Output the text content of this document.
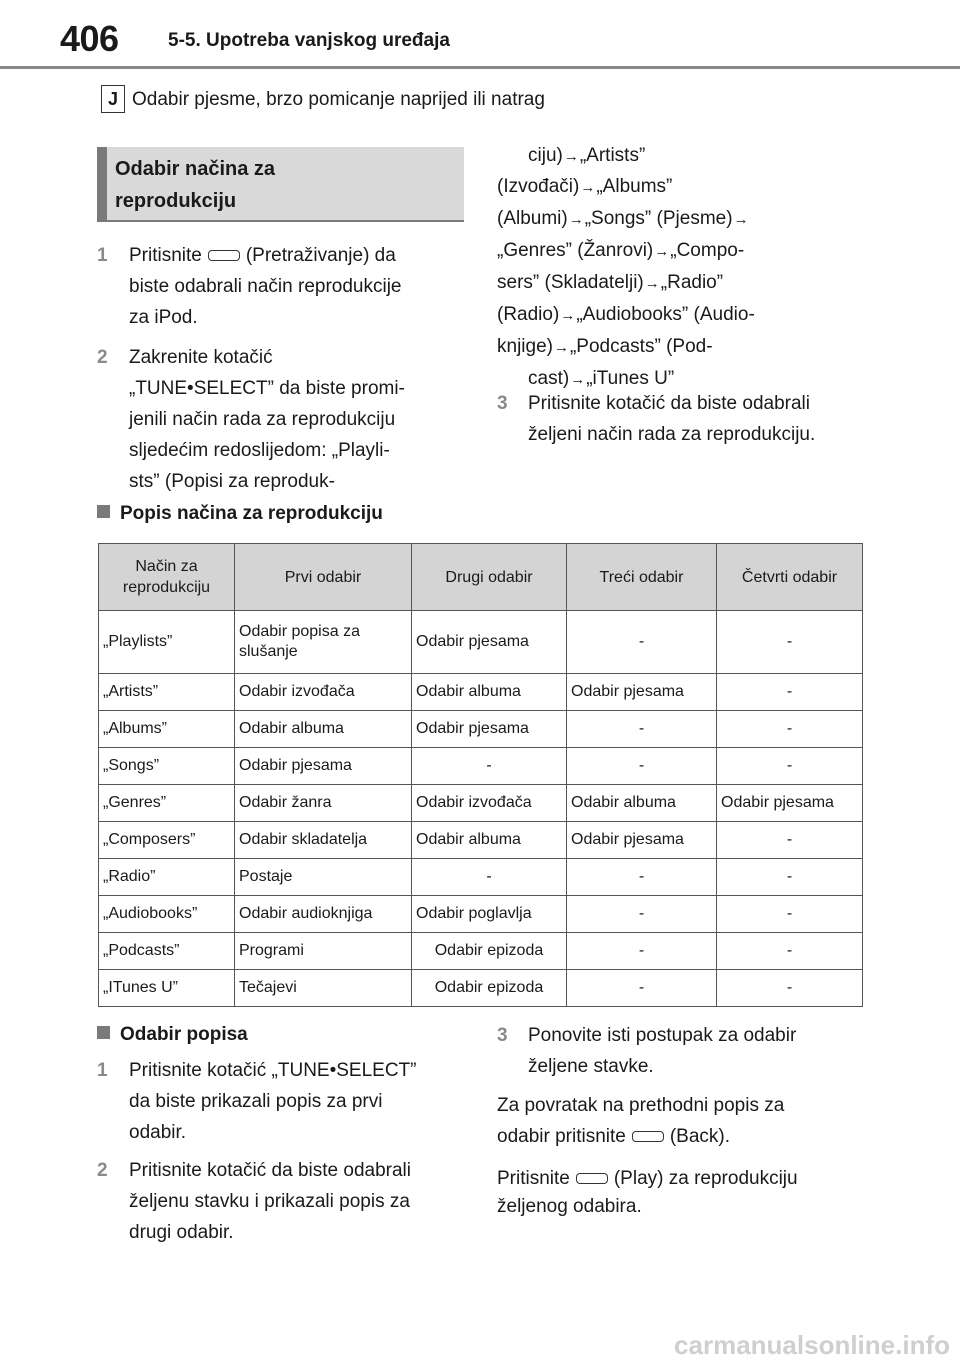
406	5-5. Upotreba vanjskog uređaja
J Odabir pjesme, brzo pomicanje naprijed ili natrag
Odabir načina za
reprodukciju
1 Pritisnite (Pretraživanje) da
biste odabrali način reprodukcije
za iPod.
2 Zakrenite kotačić
„TUNE•SELECT” da biste promi-
jenili način rada za reprodukciju
sljedećim redoslijedom: „Playli-
sts” (Popisi za reproduk-
ciju)→„Artists”
(Izvođači)→„Albums”
(Albumi)→„Songs” (Pjesme)→
„Genres” (Žanrovi)→„Compo-
sers” (Skladatelji)→„Radio”
(Radio)→„Audiobooks” (Audio-
knjige)→„Podcasts” (Pod-
cast)→„iTunes U”
3 Pritisnite kotačić da biste odabrali
željeni način rada za reprodukciju.
Popis načina za reprodukciju
Način za reprodukciju	Prvi odabir	Drugi odabir	Treći odabir	Četvrti odabir
„Playlists”	Odabir popisa za slušanje	Odabir pjesama	-	-
„Artists”	Odabir izvođača	Odabir albuma	Odabir pjesama	-
„Albums”	Odabir albuma	Odabir pjesama	-	-
„Songs”	Odabir pjesama	-	-	-
„Genres”	Odabir žanra	Odabir izvođača	Odabir albuma	Odabir pjesama
„Composers”	Odabir skladatelja	Odabir albuma	Odabir pjesama	-
„Radio”	Postaje	-	-	-
„Audiobooks”	Odabir audioknjiga	Odabir poglavlja	-	-
„Podcasts”	Programi	Odabir epizoda	-	-
„ITunes U”	Tečajevi	Odabir epizoda	-	-
Odabir popisa
1 Pritisnite kotačić „TUNE•SELECT”
da biste prikazali popis za prvi
odabir.
2 Pritisnite kotačić da biste odabrali
željenu stavku i prikazali popis za
drugi odabir.
3 Ponovite isti postupak za odabir
željene stavke.
Za povratak na prethodni popis za
odabir pritisnite (Back).
Pritisnite (Play) za reprodukciju
željenog odabira.
carmanualsonline.info
